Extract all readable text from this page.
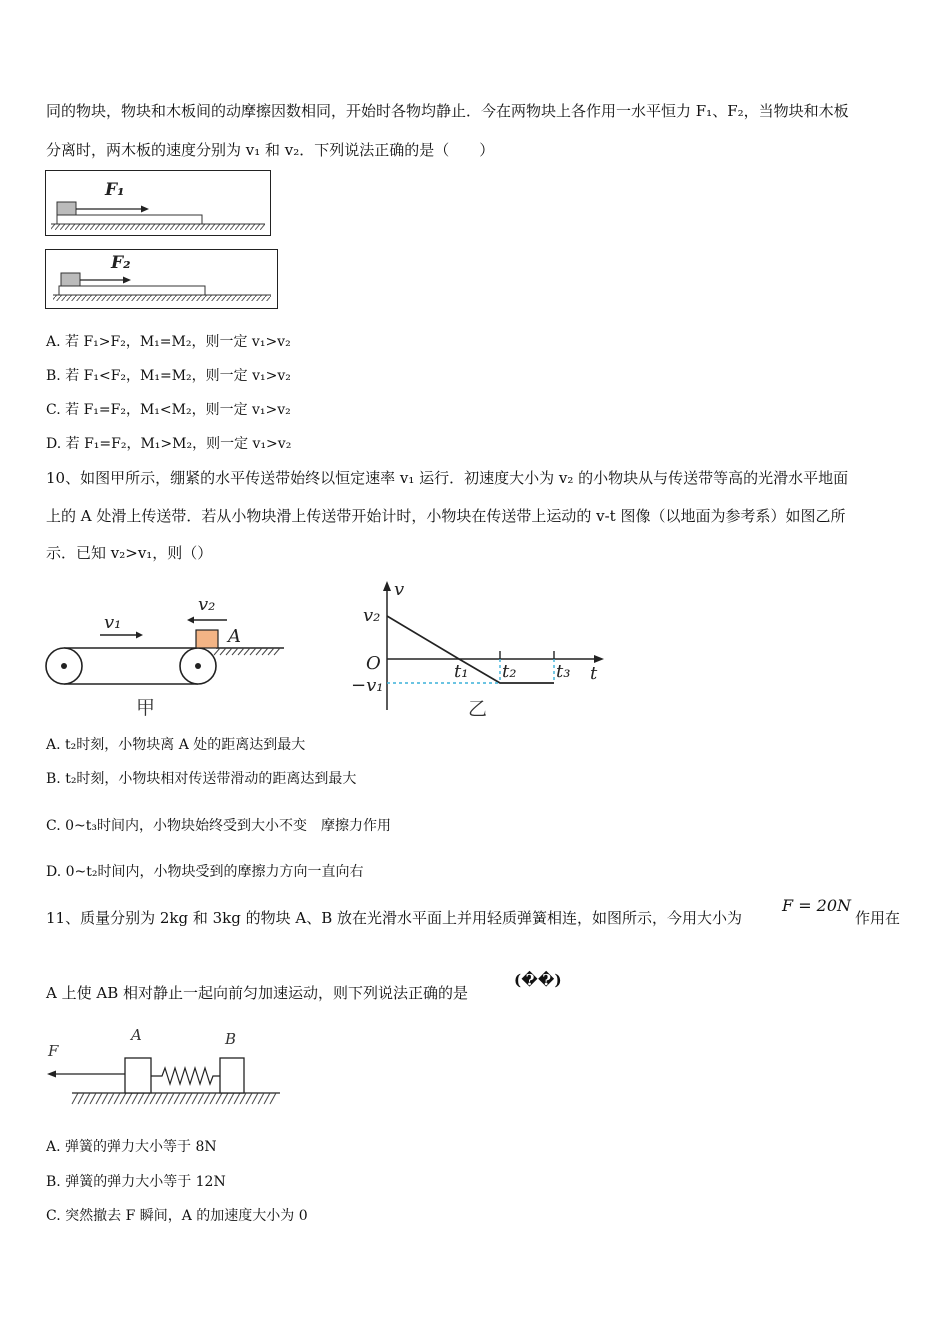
同的物块，物块和木板间的动摩擦因数相同，开始时各物均静止．今在两物块上各作用一水平恒力 F₁、F₂，当物块和木板
分离时，两木板的速度分别为 v₁ 和 v₂．下列说法正确的是（　　）
F₁
F₂
A. 若 F₁>F₂，M₁=M₂，则一定 v₁>v₂
B. 若 F₁<F₂，M₁=M₂，则一定 v₁>v₂
C. 若 F₁=F₂，M₁<M₂，则一定 v₁>v₂
D. 若 F₁=F₂，M₁>M₂，则一定 v₁>v₂
10、如图甲所示，绷紧的水平传送带始终以恒定速率 v₁ 运行．初速度大小为 v₂ 的小物块从与传送带等高的光滑水平地面
上的 A 处滑上传送带．若从小物块滑上传送带开始计时，小物块在传送带上运动的 v-t 图像（以地面为参考系）如图乙所
示．已知 v₂>v₁，则（）
v₁
v₂
A
甲
v
v₂
O
−v₁
t₁ t₂ t₃ t
乙
A. t₂时刻，小物块离 A 处的距离达到最大
B. t₂时刻，小物块相对传送带滑动的距离达到最大
C. 0~t₃时间内，小物块始终受到大小不变　摩擦力作用
D. 0~t₂时间内，小物块受到的摩擦力方向一直向右
11、质量分别为 2kg 和 3kg 的物块 A、B 放在光滑水平面上并用轻质弹簧相连，如图所示，今用大小为
F = 20N
作用在
A 上使 AB 相对静止一起向前匀加速运动，则下列说法正确的是
(��)
F
A	B
A. 弹簧的弹力大小等于 8N
B. 弹簧的弹力大小等于 12N
C. 突然撤去 F 瞬间，A 的加速度大小为 0
